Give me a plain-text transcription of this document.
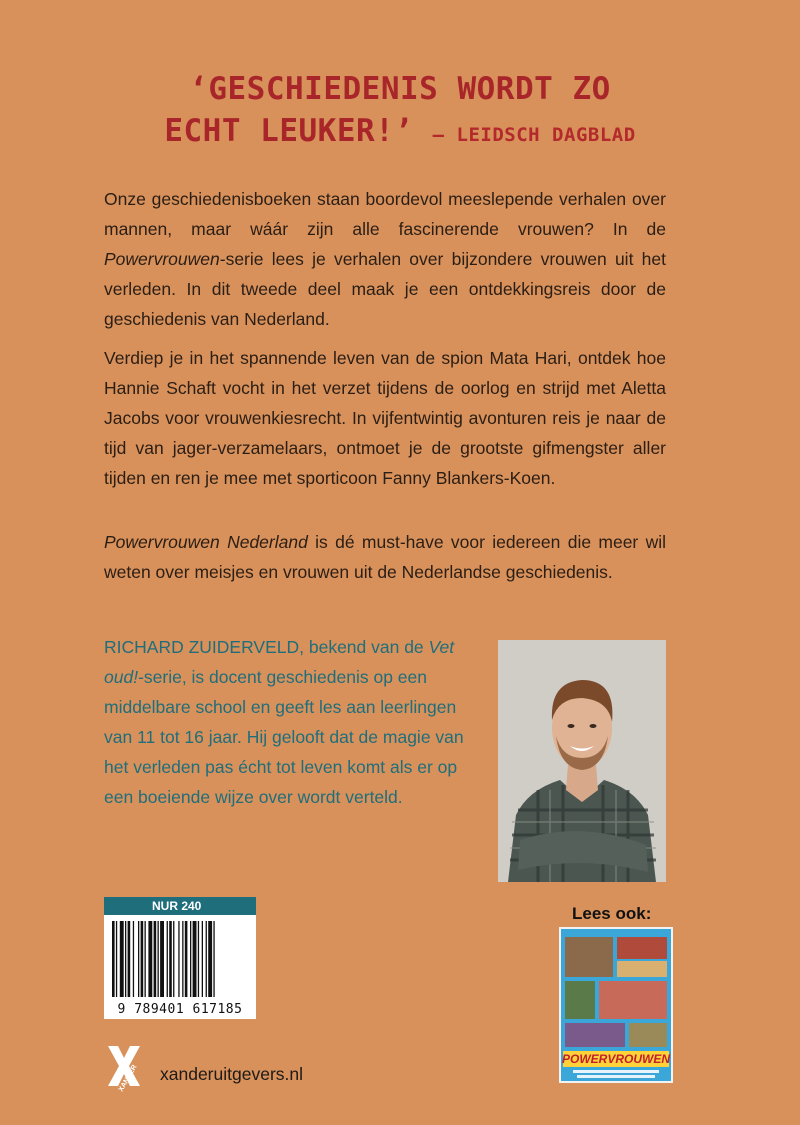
‘GESCHIEDENIS WORDT ZO
ECHT LEUKER!’ – LEIDSCH DAGBLAD
Onze geschiedenisboeken staan boordevol meeslepende verhalen over mannen, maar wáár zijn alle fascinerende vrouwen? In de Powervrouwen-serie lees je verhalen over bijzondere vrouwen uit het verleden. In dit tweede deel maak je een ontdekkingsreis door de geschiedenis van Nederland.
Verdiep je in het spannende leven van de spion Mata Hari, ontdek hoe Hannie Schaft vocht in het verzet tijdens de oorlog en strijd met Aletta Jacobs voor vrouwenkiesrecht. In vijfentwintig avonturen reis je naar de tijd van jager-verzamelaars, ontmoet je de grootste gifmengster aller tijden en ren je mee met sporticoon Fanny Blankers-Koen.
Powervrouwen Nederland is dé must-have voor iedereen die meer wil weten over meisjes en vrouwen uit de Nederlandse geschiedenis.
RICHARD ZUIDERVELD, bekend van de Vet oud!-serie, is docent geschiedenis op een middelbare school en geeft les aan leerlingen van 11 tot 16 jaar. Hij gelooft dat de magie van het verleden pas écht tot leven komt als er op een boeiende wijze over wordt verteld.
NUR 240
9 789401 617185
Lees ook:
POWERVROUWEN
XANDER xanderuitgevers.nl
